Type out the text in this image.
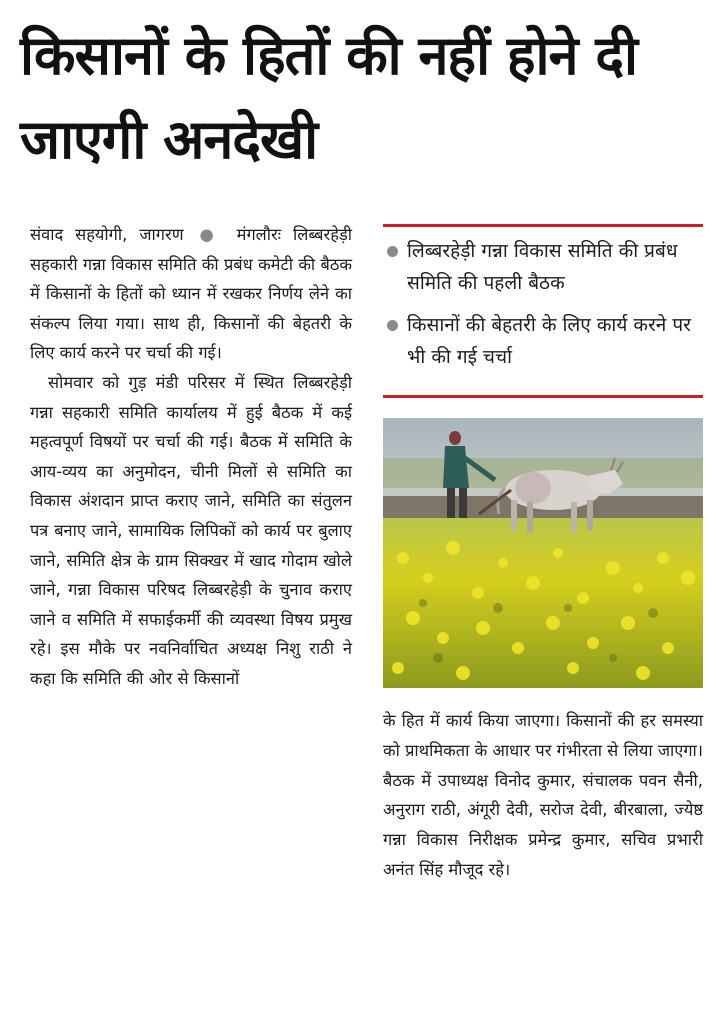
किसानों के हितों की नहीं होने दी जाएगी अनदेखी

संवाद सहयोगी, जागरण ● मंगलौरः लिब्बरहेड़ी सहकारी गन्ना विकास समिति की प्रबंध कमेटी की बैठक में किसानों के हितों को ध्यान में रखकर निर्णय लेने का संकल्प लिया गया। साथ ही, किसानों की बेहतरी के लिए कार्य करने पर चर्चा की गई।

सोमवार को गुड़ मंडी परिसर में स्थित लिब्बरहेड़ी गन्ना सहकारी समिति कार्यालय में हुई बैठक में कई महत्वपूर्ण विषयों पर चर्चा की गई। बैठक में समिति के आय-व्यय का अनुमोदन, चीनी मिलों से समिति का विकास अंशदान प्राप्त कराए जाने, समिति का संतुलन पत्र बनाए जाने, सामायिक लिपिकों को कार्य पर बुलाए जाने, समिति क्षेत्र के ग्राम सिक्खर में खाद गोदाम खोले जाने, गन्ना विकास परिषद लिब्बरहेड़ी के चुनाव कराए जाने व समिति में सफाईकर्मी की व्यवस्था विषय प्रमुख रहे। इस मौके पर नवनिर्वाचित अध्यक्ष निशु राठी ने कहा कि समिति की ओर से किसानों

लिब्बरहेड़ी गन्ना विकास समिति की प्रबंध समिति की पहली बैठक
किसानों की बेहतरी के लिए कार्य करने पर भी की गई चर्चा

के हित में कार्य किया जाएगा। किसानों की हर समस्या को प्राथमिकता के आधार पर गंभीरता से लिया जाएगा। बैठक में उपाध्यक्ष विनोद कुमार, संचालक पवन सैनी, अनुराग राठी, अंगूरी देवी, सरोज देवी, बीरबाला, ज्येष्ठ गन्ना विकास निरीक्षक प्रमेन्द्र कुमार, सचिव प्रभारी अनंत सिंह मौजूद रहे।
